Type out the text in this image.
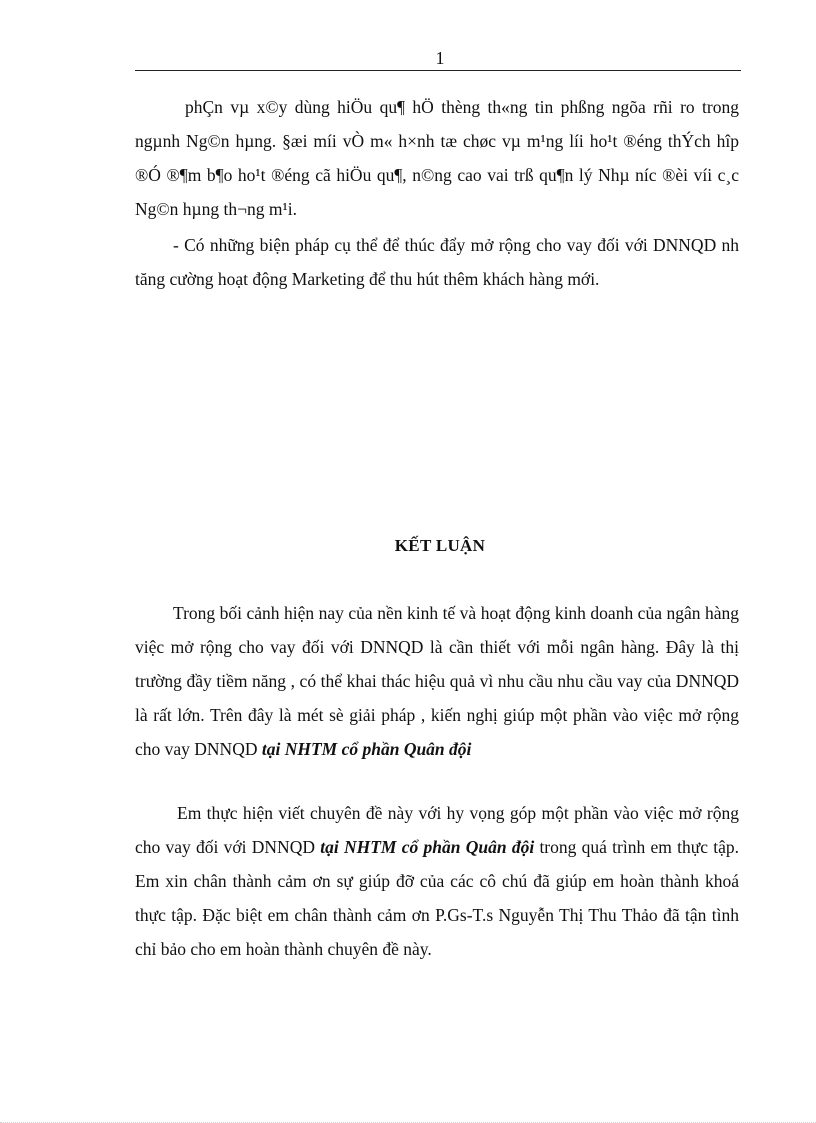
1

phÇn vµ x©y dùng hiÖu qu¶ hÖ thèng th«ng tin phßng ngõa rñi ro trong ngµnh Ng©n hµng. §æi míi vÒ m« h×nh tæ chøc vµ m¹ng líi ho¹t ®éng thÝch hîp ®Ó ®¶m b¶o ho¹t ®éng cã hiÖu qu¶, n©ng cao vai trß qu¶n lý Nhµ níc ®èi víi c¸c Ng©n hµng th¬ng m¹i.

- Có những biện pháp cụ thể để thúc đẩy mở rộng cho vay đối với DNNQD nh tăng cường hoạt động Marketing để thu hút thêm khách hàng mới.

KẾT LUẬN

Trong bối cảnh hiện nay của nền kinh tế và hoạt động kinh doanh của ngân hàng việc mở rộng cho vay đối với DNNQD là cần thiết với mỗi ngân hàng. Đây là thị trường đầy tiềm năng , có thể khai thác hiệu quả vì nhu cầu nhu cầu vay của DNNQD là rất lớn. Trên đây là mét sè giải pháp , kiến nghị giúp một phần vào việc mở rộng cho vay DNNQD tại NHTM cổ phần Quân đội

Em thực hiện viết chuyên đề này với hy vọng góp một phần vào việc mở rộng cho vay đối với DNNQD tại NHTM cổ phần Quân đội trong quá trình em thực tập. Em xin chân thành cảm ơn sự giúp đỡ của các cô chú đã giúp em hoàn thành khoá thực tập. Đặc biệt em chân thành cảm ơn P.Gs-T.s Nguyễn Thị Thu Thảo đã tận tình chỉ bảo cho em hoàn thành chuyên đề này.
